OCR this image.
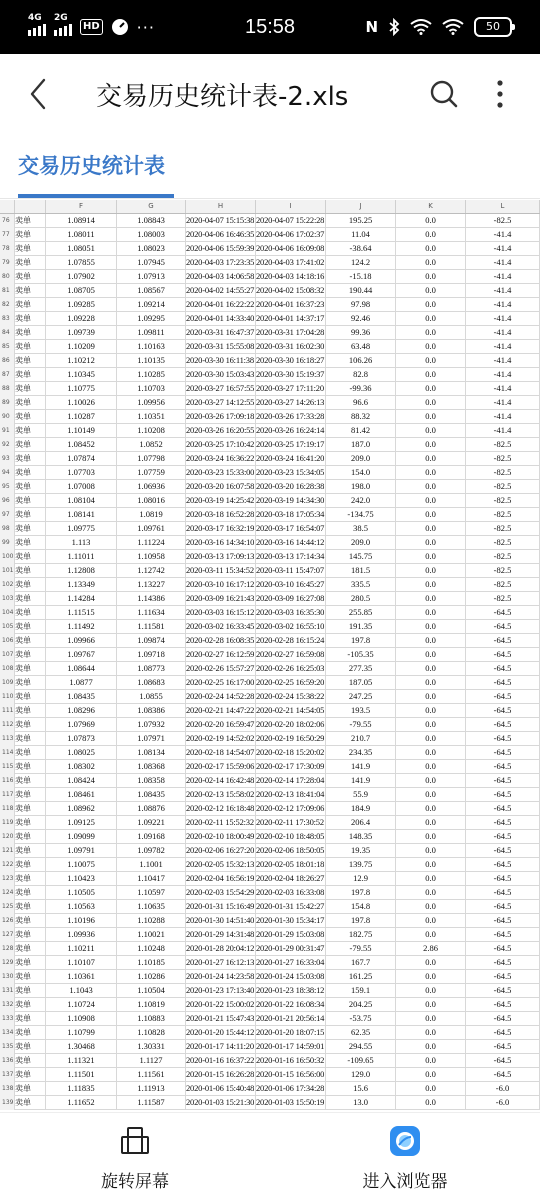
4G 2G
HD ···	15:58	N	50
交易历史统计表-2.xls
交易历史统计表
F	G	H	I	J	K	L
76 卖单	1.08914	1.08843	2020-04-07 15:15:38 2020-04-07 15:22:28	195.25	0.0	-82.5
77 卖单	1.08011	1.08003	2020-04-06 16:46:35 2020-04-06 17:02:37	11.04	0.0	-41.4
78 卖单	1.08051	1.08023	2020-04-06 15:59:39 2020-04-06 16:09:08	-38.64	0.0	-41.4
79 卖单	1.07855	1.07945	2020-04-03 17:23:35 2020-04-03 17:41:02	124.2	0.0	-41.4
80 卖单	1.07902	1.07913	2020-04-03 14:06:58 2020-04-03 14:18:16	-15.18	0.0	-41.4
81 卖单	1.08705	1.08567	2020-04-02 14:55:27 2020-04-02 15:08:32	190.44	0.0	-41.4
82 卖单	1.09285	1.09214	2020-04-01 16:22:22 2020-04-01 16:37:23	97.98	0.0	-41.4
83 卖单	1.09228	1.09295	2020-04-01 14:33:40 2020-04-01 14:37:17	92.46	0.0	-41.4
84 卖单	1.09739	1.09811	2020-03-31 16:47:37 2020-03-31 17:04:28	99.36	0.0	-41.4
85 卖单	1.10209	1.10163	2020-03-31 15:55:08 2020-03-31 16:02:30	63.48	0.0	-41.4
86 卖单	1.10212	1.10135	2020-03-30 16:11:38 2020-03-30 16:18:27	106.26	0.0	-41.4
87 卖单	1.10345	1.10285	2020-03-30 15:03:43 2020-03-30 15:19:37	82.8	0.0	-41.4
88 卖单	1.10775	1.10703	2020-03-27 16:57:55 2020-03-27 17:11:20	-99.36	0.0	-41.4
89 卖单	1.10026	1.09956	2020-03-27 14:12:55 2020-03-27 14:26:13	96.6	0.0	-41.4
90 卖单	1.10287	1.10351	2020-03-26 17:09:18 2020-03-26 17:33:28	88.32	0.0	-41.4
91 卖单	1.10149	1.10208	2020-03-26 16:20:55 2020-03-26 16:24:14	81.42	0.0	-41.4
92 卖单	1.08452	1.0852	2020-03-25 17:10:42 2020-03-25 17:19:17	187.0	0.0	-82.5
93 卖单	1.07874	1.07798	2020-03-24 16:36:22 2020-03-24 16:41:20	209.0	0.0	-82.5
94 卖单	1.07703	1.07759	2020-03-23 15:33:00 2020-03-23 15:34:05	154.0	0.0	-82.5
95 卖单	1.07008	1.06936	2020-03-20 16:07:58 2020-03-20 16:28:38	198.0	0.0	-82.5
96 卖单	1.08104	1.08016	2020-03-19 14:25:42 2020-03-19 14:34:30	242.0	0.0	-82.5
97 卖单	1.08141	1.0819	2020-03-18 16:52:28 2020-03-18 17:05:34	-134.75	0.0	-82.5
98 卖单	1.09775	1.09761	2020-03-17 16:32:19 2020-03-17 16:54:07	38.5	0.0	-82.5
99 卖单	1.113	1.11224	2020-03-16 14:34:10 2020-03-16 14:44:12	209.0	0.0	-82.5
100 卖单	1.11011	1.10958	2020-03-13 17:09:13 2020-03-13 17:14:34	145.75	0.0	-82.5
101 卖单	1.12808	1.12742	2020-03-11 15:34:52 2020-03-11 15:47:07	181.5	0.0	-82.5
102 卖单	1.13349	1.13227	2020-03-10 16:17:12 2020-03-10 16:45:27	335.5	0.0	-82.5
103 卖单	1.14284	1.14386	2020-03-09 16:21:43 2020-03-09 16:27:08	280.5	0.0	-82.5
104 卖单	1.11515	1.11634	2020-03-03 16:15:12 2020-03-03 16:35:30	255.85	0.0	-64.5
105 卖单	1.11492	1.11581	2020-03-02 16:33:45 2020-03-02 16:55:10	191.35	0.0	-64.5
106 卖单	1.09966	1.09874	2020-02-28 16:08:35 2020-02-28 16:15:24	197.8	0.0	-64.5
107 卖单	1.09767	1.09718	2020-02-27 16:12:59 2020-02-27 16:59:08	-105.35	0.0	-64.5
108 卖单	1.08644	1.08773	2020-02-26 15:57:27 2020-02-26 16:25:03	277.35	0.0	-64.5
109 卖单	1.0877	1.08683	2020-02-25 16:17:00 2020-02-25 16:59:20	187.05	0.0	-64.5
110 卖单	1.08435	1.0855	2020-02-24 14:52:28 2020-02-24 15:38:22	247.25	0.0	-64.5
111 卖单	1.08296	1.08386	2020-02-21 14:47:22 2020-02-21 14:54:05	193.5	0.0	-64.5
112 卖单	1.07969	1.07932	2020-02-20 16:59:47 2020-02-20 18:02:06	-79.55	0.0	-64.5
113 卖单	1.07873	1.07971	2020-02-19 14:52:02 2020-02-19 16:50:29	210.7	0.0	-64.5
114 卖单	1.08025	1.08134	2020-02-18 14:54:07 2020-02-18 15:20:02	234.35	0.0	-64.5
115 卖单	1.08302	1.08368	2020-02-17 15:59:06 2020-02-17 17:30:09	141.9	0.0	-64.5
116 卖单	1.08424	1.08358	2020-02-14 16:42:48 2020-02-14 17:28:04	141.9	0.0	-64.5
117 卖单	1.08461	1.08435	2020-02-13 15:58:02 2020-02-13 18:41:04	55.9	0.0	-64.5
118 卖单	1.08962	1.08876	2020-02-12 16:18:48 2020-02-12 17:09:06	184.9	0.0	-64.5
119 卖单	1.09125	1.09221	2020-02-11 15:52:32 2020-02-11 17:30:52	206.4	0.0	-64.5
120 卖单	1.09099	1.09168	2020-02-10 18:00:49 2020-02-10 18:48:05	148.35	0.0	-64.5
121 卖单	1.09791	1.09782	2020-02-06 16:27:20 2020-02-06 18:50:05	19.35	0.0	-64.5
122 卖单	1.10075	1.1001	2020-02-05 15:32:13 2020-02-05 18:01:18	139.75	0.0	-64.5
123 卖单	1.10423	1.10417	2020-02-04 16:56:19 2020-02-04 18:26:27	12.9	0.0	-64.5
124 卖单	1.10505	1.10597	2020-02-03 15:54:29 2020-02-03 16:33:08	197.8	0.0	-64.5
125 卖单	1.10563	1.10635	2020-01-31 15:16:49 2020-01-31 15:42:27	154.8	0.0	-64.5
126 卖单	1.10196	1.10288	2020-01-30 14:51:40 2020-01-30 15:34:17	197.8	0.0	-64.5
127 卖单	1.09936	1.10021	2020-01-29 14:31:48 2020-01-29 15:03:08	182.75	0.0	-64.5
128 卖单	1.10211	1.10248	2020-01-28 20:04:12 2020-01-29 00:31:47	-79.55	2.86	-64.5
129 卖单	1.10107	1.10185	2020-01-27 16:12:13 2020-01-27 16:33:04	167.7	0.0	-64.5
130 卖单	1.10361	1.10286	2020-01-24 14:23:58 2020-01-24 15:03:08	161.25	0.0	-64.5
131 卖单	1.1043	1.10504	2020-01-23 17:13:40 2020-01-23 18:38:12	159.1	0.0	-64.5
132 卖单	1.10724	1.10819	2020-01-22 15:00:02 2020-01-22 16:08:34	204.25	0.0	-64.5
133 卖单	1.10908	1.10883	2020-01-21 15:47:43 2020-01-21 20:56:14	-53.75	0.0	-64.5
134 卖单	1.10799	1.10828	2020-01-20 15:44:12 2020-01-20 18:07:15	62.35	0.0	-64.5
135 卖单	1.30468	1.30331	2020-01-17 14:11:20 2020-01-17 14:59:01	294.55	0.0	-64.5
136 卖单	1.11321	1.1127	2020-01-16 16:37:22 2020-01-16 16:50:32	-109.65	0.0	-64.5
137 卖单	1.11501	1.11561	2020-01-15 16:26:28 2020-01-15 16:56:00	129.0	0.0	-64.5
138 卖单	1.11835	1.11913	2020-01-06 15:40:48 2020-01-06 17:34:28	15.6	0.0	-6.0
139 卖单	1.11652	1.11587	2020-01-03 15:21:30 2020-01-03 15:50:19	13.0	0.0	-6.0
旋转屏幕	进入浏览器
